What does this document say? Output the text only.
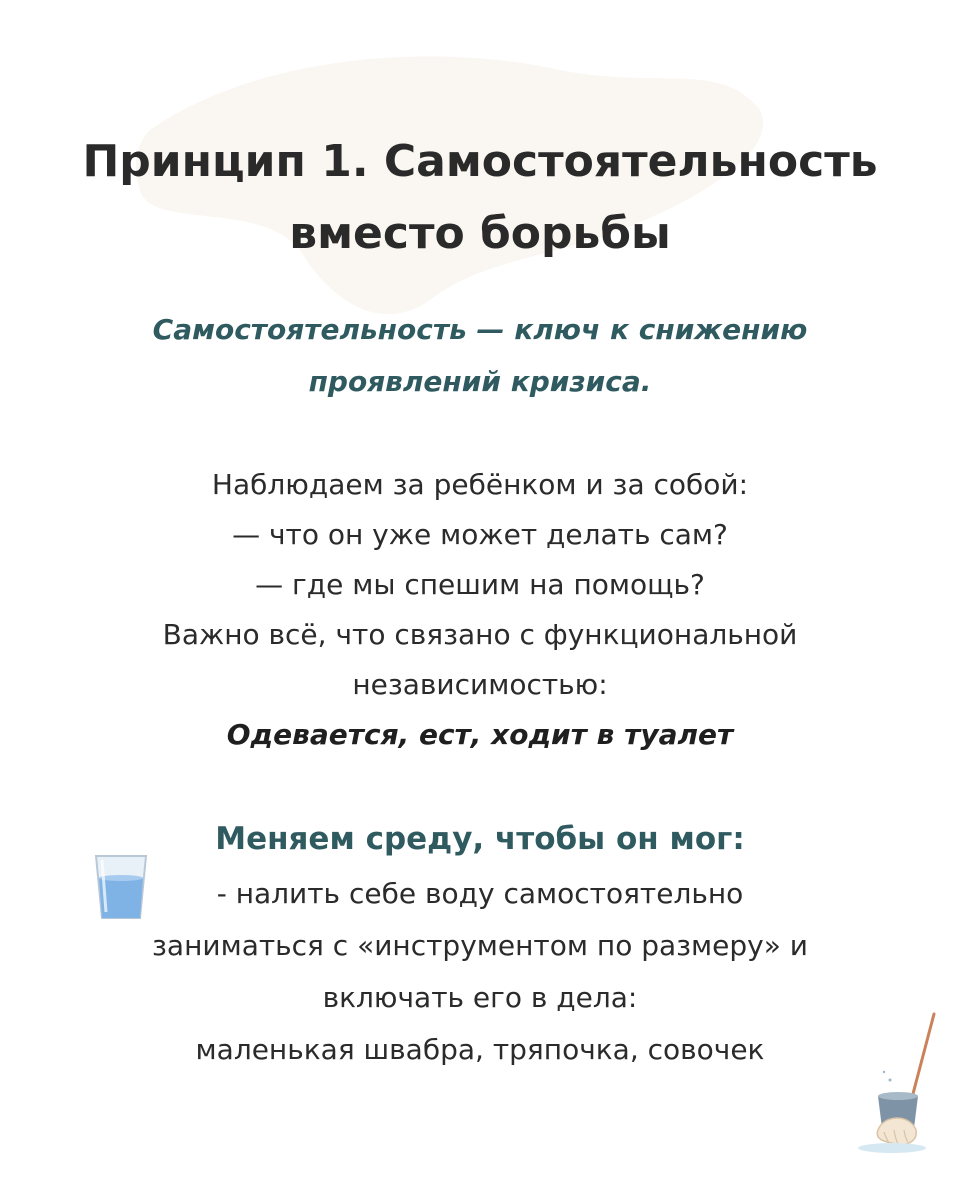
Принцип 1. Самостоятельность
вместо борьбы
Самостоятельность — ключ к снижению
проявлений кризиса.
Наблюдаем за ребёнком и за собой:
— что он уже может делать сам?
— где мы спешим на помощь?
Важно всё, что связано с функциональной
независимостью:
Одевается, ест, ходит в туалет
Меняем среду, чтобы он мог:
- налить себе воду самостоятельно
заниматься с «инструментом по размеру» и
включать его в дела:
маленькая швабра, тряпочка, совочек
